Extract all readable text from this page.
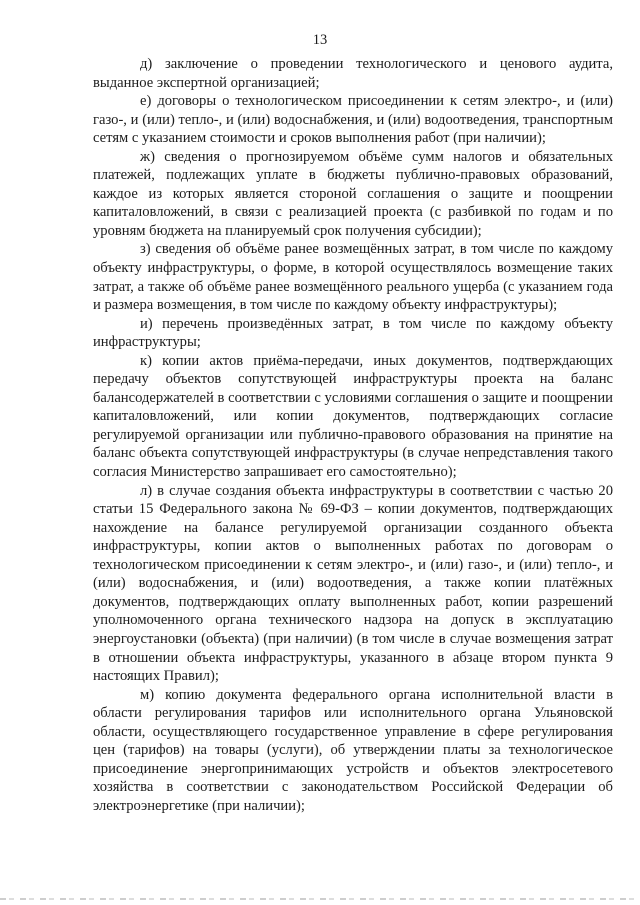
13

д) заключение о проведении технологического и ценового аудита, выданное экспертной организацией;

е) договоры о технологическом присоединении к сетям электро-, и (или) газо-, и (или) тепло-, и (или) водоснабжения, и (или) водоотведения, транспортным сетям с указанием стоимости и сроков выполнения работ (при наличии);

ж) сведения о прогнозируемом объёме сумм налогов и обязательных платежей, подлежащих уплате в бюджеты публично-правовых образований, каждое из которых является стороной соглашения о защите и поощрении капиталовложений, в связи с реализацией проекта (с разбивкой по годам и по уровням бюджета на планируемый срок получения субсидии);

з) сведения об объёме ранее возмещённых затрат, в том числе по каждому объекту инфраструктуры, о форме, в которой осуществлялось возмещение таких затрат, а также об объёме ранее возмещённого реального ущерба (с указанием года и размера возмещения, в том числе по каждому объекту инфраструктуры);

и) перечень произведённых затрат, в том числе по каждому объекту инфраструктуры;

к) копии актов приёма-передачи, иных документов, подтверждающих передачу объектов сопутствующей инфраструктуры проекта на баланс балансодержателей в соответствии с условиями соглашения о защите и поощрении капиталовложений, или копии документов, подтверждающих согласие регулируемой организации или публично-правового образования на принятие на баланс объекта сопутствующей инфраструктуры (в случае непредставления такого согласия Министерство запрашивает его самостоятельно);

л) в случае создания объекта инфраструктуры в соответствии с частью 20 статьи 15 Федерального закона № 69-ФЗ – копии документов, подтверждающих нахождение на балансе регулируемой организации созданного объекта инфраструктуры, копии актов о выполненных работах по договорам о технологическом присоединении к сетям электро-, и (или) газо-, и (или) тепло-, и (или) водоснабжения, и (или) водоотведения, а также копии платёжных документов, подтверждающих оплату выполненных работ, копии разрешений уполномоченного органа технического надзора на допуск в эксплуатацию энергоустановки (объекта) (при наличии) (в том числе в случае возмещения затрат в отношении объекта инфраструктуры, указанного в абзаце втором пункта 9 настоящих Правил);

м) копию документа федерального органа исполнительной власти в области регулирования тарифов или исполнительного органа Ульяновской области, осуществляющего государственное управление в сфере регулирования цен (тарифов) на товары (услуги), об утверждении платы за технологическое присоединение энергопринимающих устройств и объектов электросетевого хозяйства в соответствии с законодательством Российской Федерации об электроэнергетике (при наличии);
